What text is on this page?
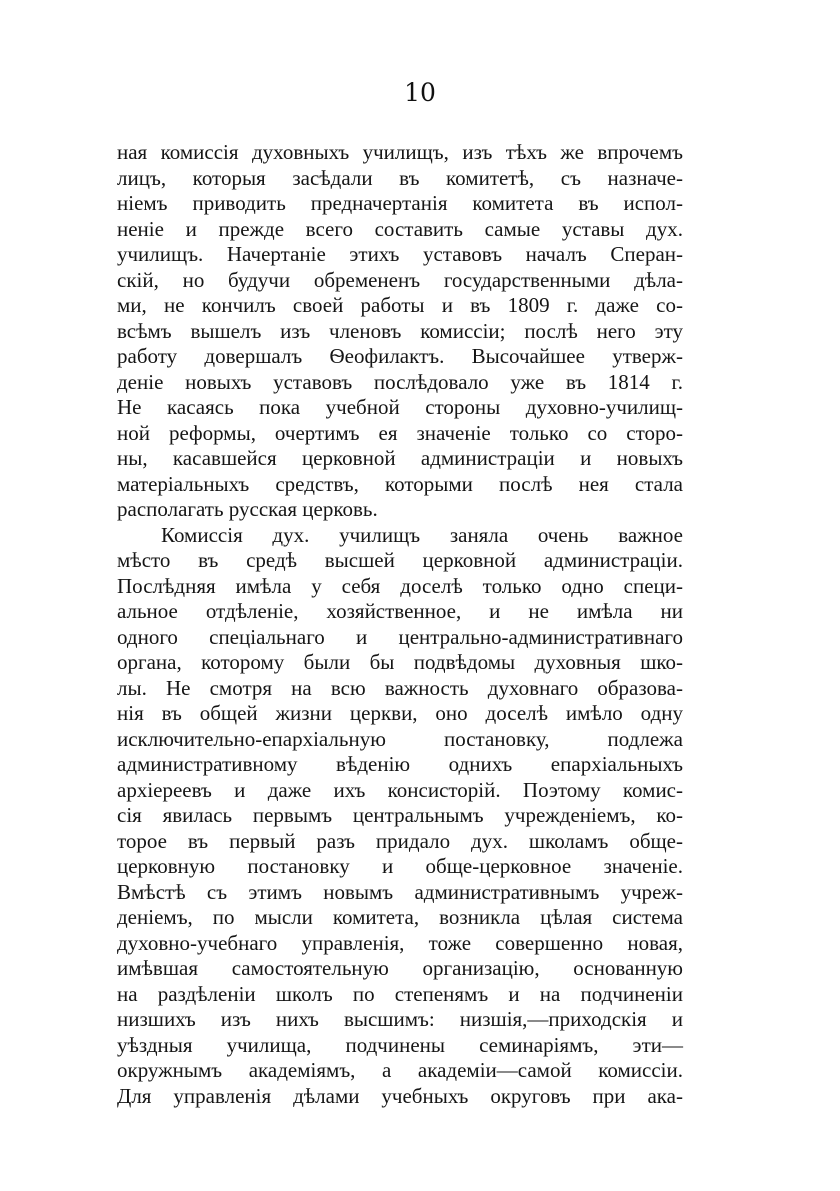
10
ная комиссія духовныхъ училищъ, изъ тѣхъ же впрочемъ
лицъ, которыя засѣдали въ комитетѣ, съ назначе-
ніемъ приводить предначертанія комитета въ испол-
неніе и прежде всего составить самые уставы дух.
училищъ. Начертаніе этихъ уставовъ началъ Сперан-
скій, но будучи обремененъ государственными дѣла-
ми, не кончилъ своей работы и въ 1809 г. даже со-
всѣмъ вышелъ изъ членовъ комиссіи; послѣ него эту
работу довершалъ Ѳеофилактъ. Высочайшее утверж-
деніе новыхъ уставовъ послѣдовало уже въ 1814 г.
Не касаясь пока учебной стороны духовно-училищ-
ной реформы, очертимъ ея значеніе только со сторо-
ны, касавшейся церковной администраціи и новыхъ
матеріальныхъ средствъ, которыми послѣ нея стала
располагать русская церковь.
Комиссія дух. училищъ заняла очень важное
мѣсто въ средѣ высшей церковной администраціи.
Послѣдняя имѣла у себя доселѣ только одно специ-
альное отдѣленіе, хозяйственное, и не имѣла ни
одного спеціальнаго и центрально-административнаго
органа, которому были бы подвѣдомы духовныя шко-
лы. Не смотря на всю важность духовнаго образова-
нія въ общей жизни церкви, оно доселѣ имѣло одну
исключительно-епархіальную постановку, подлежа
административному вѣденію однихъ епархіальныхъ
архіереевъ и даже ихъ консисторій. Поэтому комис-
сія явилась первымъ центральнымъ учрежденіемъ, ко-
торое въ первый разъ придало дух. школамъ обще-
церковную постановку и обще-церковное значеніе.
Вмѣстѣ съ этимъ новымъ административнымъ учреж-
деніемъ, по мысли комитета, возникла цѣлая система
духовно-учебнаго управленія, тоже совершенно новая,
имѣвшая самостоятельную организацію, основанную
на раздѣленіи школъ по степенямъ и на подчиненіи
низшихъ изъ нихъ высшимъ: низшія,—приходскія и
уѣздныя училища, подчинены семинаріямъ, эти—
окружнымъ академіямъ, а академіи—самой комиссіи.
Для управленія дѣлами учебныхъ округовъ при ака-
